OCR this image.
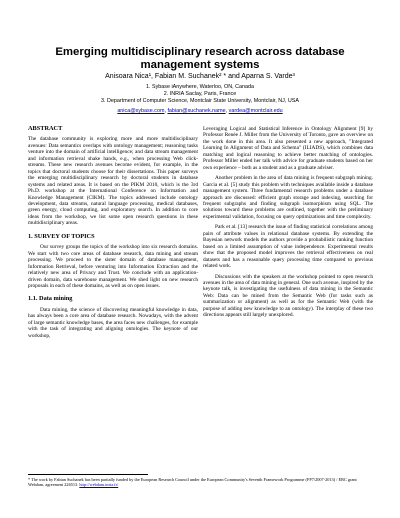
Emerging multidisciplinary research across database management systems
Anisoara Nica¹, Fabian M. Suchanek² * and Aparna S. Varde³
1. Sybase iAnywhere, Waterloo, ON, Canada
2. INRIA Saclay, Paris, France
3. Department of Computer Science, Montclair State University, Montclair, NJ, USA
anica@sybase.com, fabian@suchanek.name, vardea@montclair.edu
ABSTRACT

The database community is exploring more and more multidisciplinary avenues: Data semantics overlaps with ontology management; reasoning tasks venture into the domain of artificial intelligence; and data stream management and information retrieval shake hands, e.g., when processing Web click-streams. These new research avenues become evident, for example, in the topics that doctoral students choose for their dissertations. This paper surveys the emerging multidisciplinary research by doctoral students in database systems and related areas. It is based on the PIKM 2010, which is the 3rd Ph.D. workshop at the International Conference on Information and Knowledge Management (CIKM). The topics addressed include ontology development, data streams, natural language processing, medical databases, green energy, cloud computing, and exploratory search. In addition to core ideas from the workshop, we list some open research questions in these multidisciplinary areas.

1. SURVEY OF TOPICS

Our survey groups the topics of the workshop into six research domains. We start with two core areas of database research, data mining and stream processing. We proceed to the sister domain of database management, Information Retrieval, before venturing into Information Extraction and the relatively new area of Privacy and Trust. We conclude with an application-driven domain, data warehouse management. We shed light on new research proposals in each of these domains, as well as on open issues.

1.1. Data mining

Data mining, the science of discovering meaningful knowledge in data, has always been a core area of database research. Nowadays, with the advent of large semantic knowledge bases, the area faces new challenges, for example with the task of integrating and aligning ontologies. The keynote of our workshop,

Leveraging Logical and Statistical Inference in Ontology Alignment [9] by Professor Renée J. Miller from the University of Toronto, gave an overview on the work done in this area. It also presented a new approach, "Integrated Learning In Alignment of Data and Schema" (ILIADS), which combines data matching and logical reasoning to achieve better matching of ontologies. Professor Miller ended her talk with advice for graduate students based on her own experience – both as a student and as a graduate adviser.

Another problem in the area of data mining is frequent subgraph mining. Garcia et al. [5] study this problem with techniques available inside a database management system. Three fundamental research problems under a database approach are discussed: efficient graph storage and indexing, searching for frequent subgraphs and finding subgraph isomorphism using SQL. The solutions toward these problems are outlined, together with the preliminary experimental validation, focusing on query optimizations and time complexity.

Park et al. [13] research the issue of finding statistical correlations among pairs of attribute values in relational database systems. By extending the Bayesian network models the authors provide a probabilistic ranking function based on a limited assumption of value independence. Experimental results show that the proposed model improves the retrieval effectiveness on real datasets and has a reasonable query processing time compared to previous related work.

Discussions with the speakers at the workshop pointed to open research avenues in the area of data mining in general. One such avenue, inspired by the keynote talk, is investigating the usefulness of data mining in the Semantic Web: Data can be mined from the Semantic Web (for tasks such as summarization or alignment) as well as for the Semantic Web (with the purpose of adding new knowledge to an ontology). The interplay of these two directions appears still largely unexplored.

* The work by Fabian Suchanek has been partially funded by the European Research Council under the European Community's Seventh Framework Programme (FP7/2007-2013) / ERC grant Webdam, agreement 226513. http://webdam.inria.fr/
